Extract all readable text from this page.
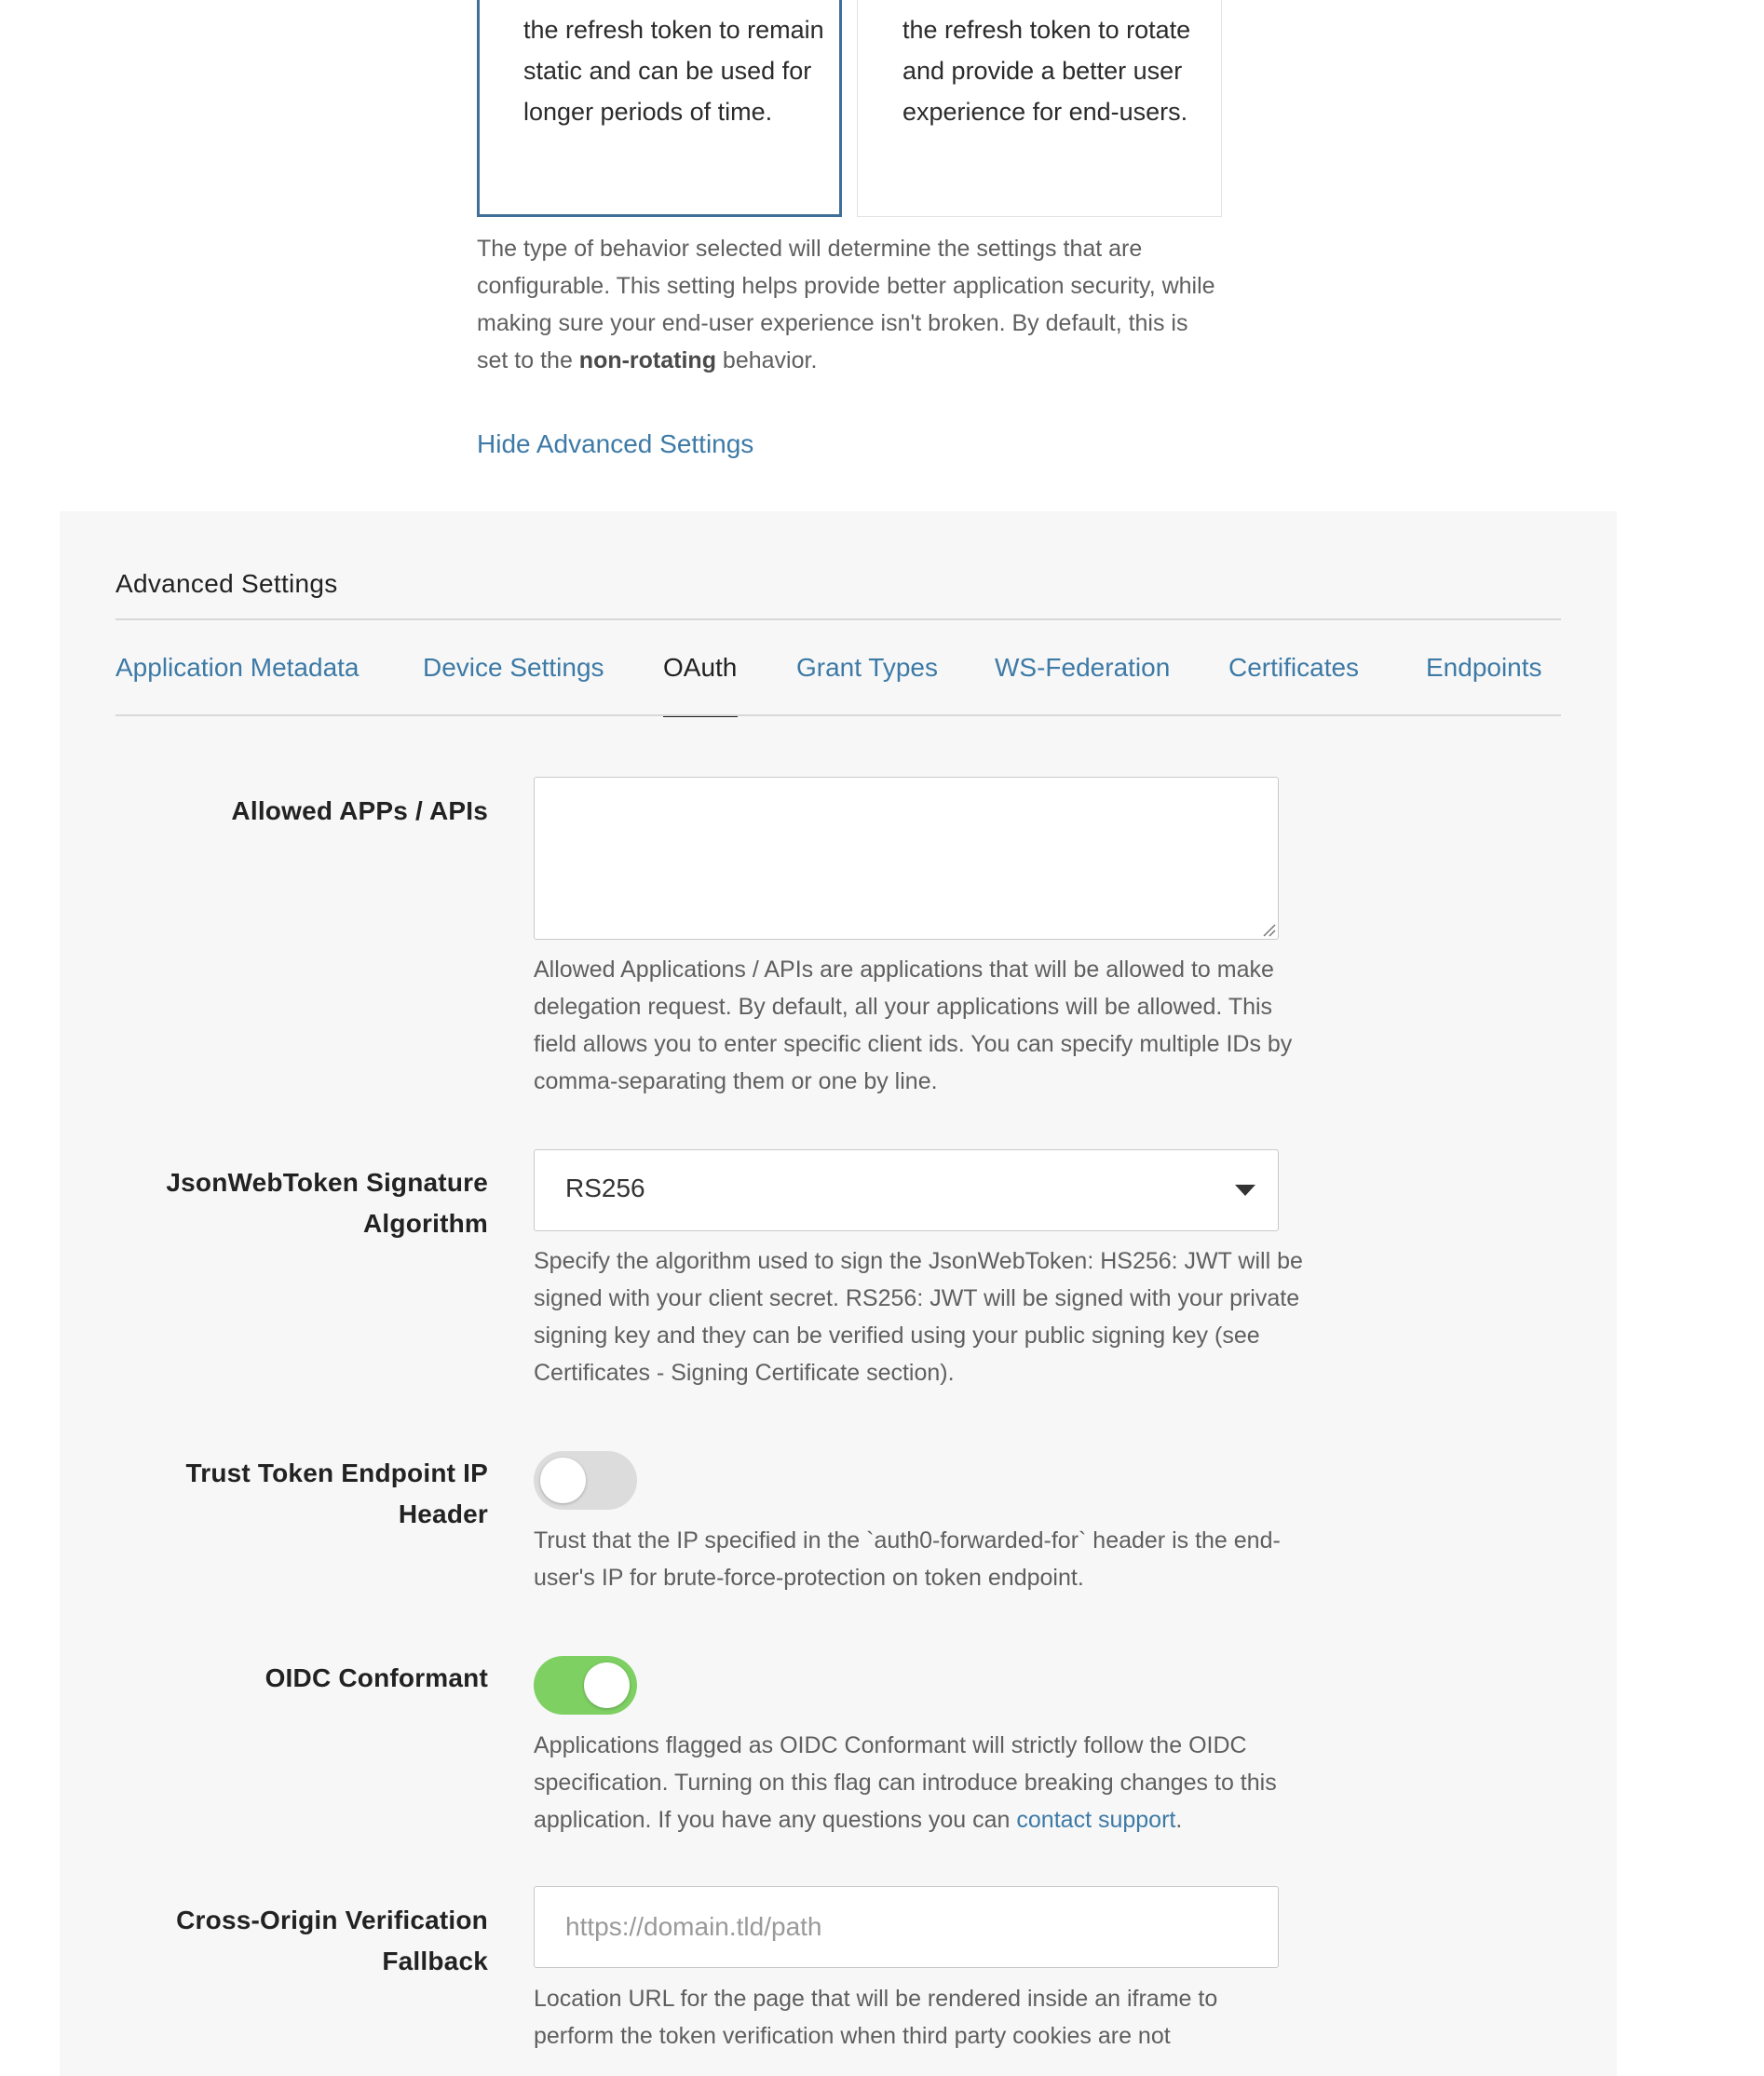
the refresh token to remain static and can be used for longer periods of time.

the refresh token to rotate and provide a better user experience for end-users.

The type of behavior selected will determine the settings that are configurable. This setting helps provide better application security, while making sure your end-user experience isn't broken. By default, this is set to the non-rotating behavior.

Hide Advanced Settings
Advanced Settings
Application Metadata Device Settings OAuth Grant Types WS-Federation Certificates	Endpoints
Allowed APPs / APIs

Allowed Applications / APIs are applications that will be allowed to make delegation request. By default, all your applications will be allowed. This field allows you to enter specific client ids. You can specify multiple IDs by comma-separating them or one by line.

JsonWebToken Signature
Algorithm
RS256

Specify the algorithm used to sign the JsonWebToken: HS256: JWT will be signed with your client secret. RS256: JWT will be signed with your private signing key and they can be verified using your public signing key (see Certificates - Signing Certificate section).

Trust Token Endpoint IP
Header

Trust that the IP specified in the `auth0-forwarded-for` header is the end-user's IP for brute-force-protection on token endpoint.

OIDC Conformant

Applications flagged as OIDC Conformant will strictly follow the OIDC specification. Turning on this flag can introduce breaking changes to this application. If you have any questions you can contact support.

Cross-Origin Verification
Fallback
https://domain.tld/path

Location URL for the page that will be rendered inside an iframe to perform the token verification when third party cookies are not
